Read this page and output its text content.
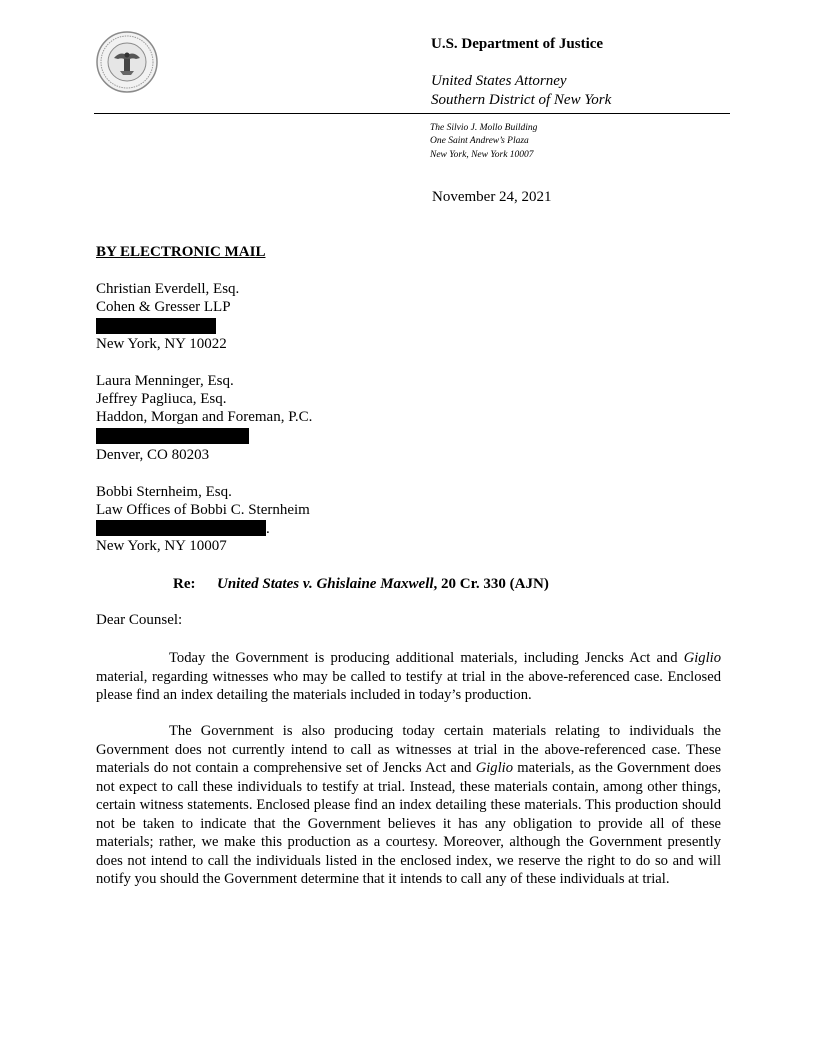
U.S. Department of Justice
United States Attorney
Southern District of New York
The Silvio J. Mollo Building
One Saint Andrew’s Plaza
New York, New York 10007
November 24, 2021
BY ELECTRONIC MAIL
Christian Everdell, Esq.
Cohen & Gresser LLP
New York, NY 10022
Laura Menninger, Esq.
Jeffrey Pagliuca, Esq.
Haddon, Morgan and Foreman, P.C.
Denver, CO 80203
Bobbi Sternheim, Esq.
Law Offices of Bobbi C. Sternheim
.
New York, NY 10007
Re: United States v. Ghislaine Maxwell, 20 Cr. 330 (AJN)
Dear Counsel:
Today the Government is producing additional materials, including Jencks Act and Giglio material, regarding witnesses who may be called to testify at trial in the above-referenced case. Enclosed please find an index detailing the materials included in today’s production.
The Government is also producing today certain materials relating to individuals the Government does not currently intend to call as witnesses at trial in the above-referenced case. These materials do not contain a comprehensive set of Jencks Act and Giglio materials, as the Government does not expect to call these individuals to testify at trial. Instead, these materials contain, among other things, certain witness statements. Enclosed please find an index detailing these materials. This production should not be taken to indicate that the Government believes it has any obligation to provide all of these materials; rather, we make this production as a courtesy. Moreover, although the Government presently does not intend to call the individuals listed in the enclosed index, we reserve the right to do so and will notify you should the Government determine that it intends to call any of these individuals at trial.
